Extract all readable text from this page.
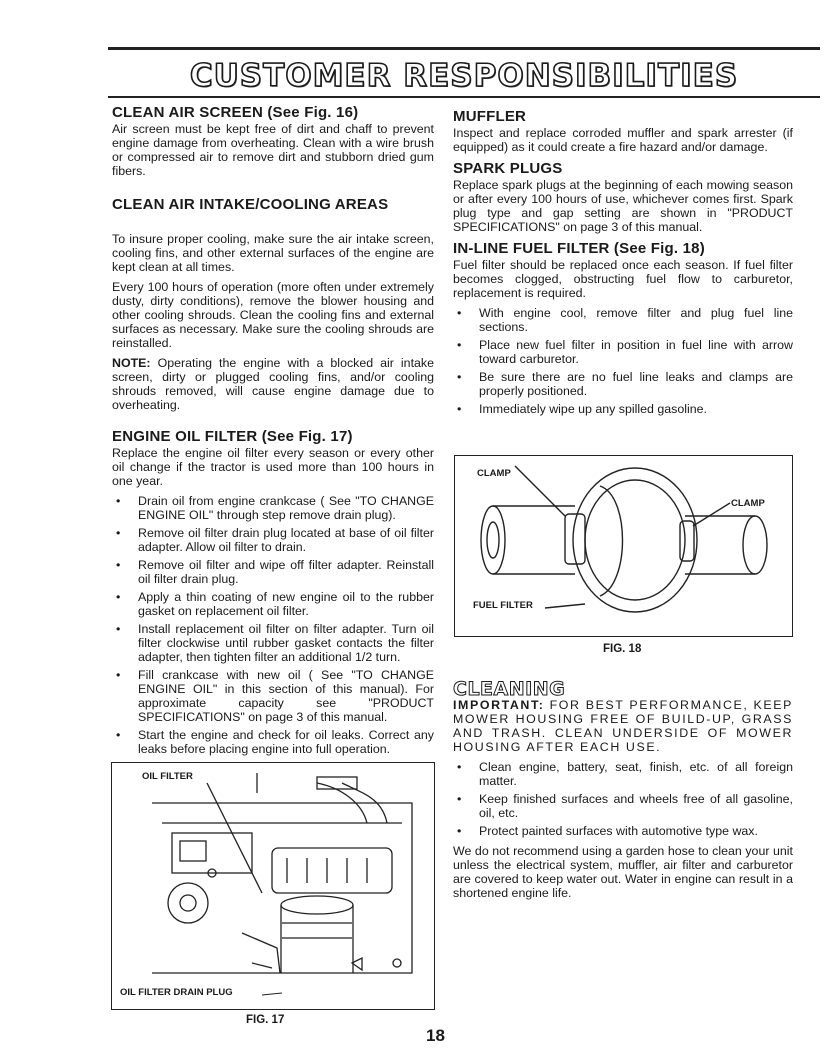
CUSTOMER RESPONSIBILITIES
CLEAN AIR SCREEN (See Fig. 16)

Air screen must be kept free of dirt and chaff to prevent engine damage from overheating. Clean with a wire brush or compressed air to remove dirt and stubborn dried gum fibers.

CLEAN AIR INTAKE/COOLING AREAS

To insure proper cooling, make sure the air intake screen, cooling fins, and other external surfaces of the engine are kept clean at all times.

Every 100 hours of operation (more often under extremely dusty, dirty conditions), remove the blower housing and other cooling shrouds. Clean the cooling fins and external surfaces as necessary. Make sure the cooling shrouds are reinstalled.

NOTE: Operating the engine with a blocked air intake screen, dirty or plugged cooling fins, and/or cooling shrouds removed, will cause engine damage due to overheating.

ENGINE OIL FILTER (See Fig. 17)

Replace the engine oil filter every season or every other oil change if the tractor is used more than 100 hours in one year.

• Drain oil from engine crankcase ( See "TO CHANGE ENGINE OIL" through step remove drain plug).
• Remove oil filter drain plug located at base of oil filter adapter. Allow oil filter to drain.
• Remove oil filter and wipe off filter adapter. Reinstall oil filter drain plug.
• Apply a thin coating of new engine oil to the rubber gasket on replacement oil filter.
• Install replacement oil filter on filter adapter. Turn oil filter clockwise until rubber gasket contacts the filter adapter, then tighten filter an additional 1/2 turn.
• Fill crankcase with new oil ( See "TO CHANGE ENGINE OIL" in this section of this manual). For approximate capacity see "PRODUCT SPECIFICATIONS" on page 3 of this manual.
• Start the engine and check for oil leaks. Correct any leaks before placing engine into full operation.
OIL FILTER
OIL FILTER DRAIN PLUG
FIG. 17
MUFFLER

Inspect and replace corroded muffler and spark arrester (if equipped) as it could create a fire hazard and/or damage.

SPARK PLUGS

Replace spark plugs at the beginning of each mowing season or after every 100 hours of use, whichever comes first. Spark plug type and gap setting are shown in "PRODUCT SPECIFICATIONS" on page 3 of this manual.

IN-LINE FUEL FILTER (See Fig. 18)

Fuel filter should be replaced once each season. If fuel filter becomes clogged, obstructing fuel flow to carburetor, replacement is required.

• With engine cool, remove filter and plug fuel line sections.
• Place new fuel filter in position in fuel line with arrow toward carburetor.
• Be sure there are no fuel line leaks and clamps are properly positioned.
• Immediately wipe up any spilled gasoline.
CLAMP
CLAMP
FUEL FILTER
FIG. 18
CLEANING

IMPORTANT: FOR BEST PERFORMANCE, KEEP MOWER HOUSING FREE OF BUILD-UP, GRASS AND TRASH. CLEAN UNDERSIDE OF MOWER HOUSING AFTER EACH USE.

• Clean engine, battery, seat, finish, etc. of all foreign matter.
• Keep finished surfaces and wheels free of all gasoline, oil, etc.
• Protect painted surfaces with automotive type wax.

We do not recommend using a garden hose to clean your unit unless the electrical system, muffler, air filter and carburetor are covered to keep water out. Water in engine can result in a shortened engine life.

18
